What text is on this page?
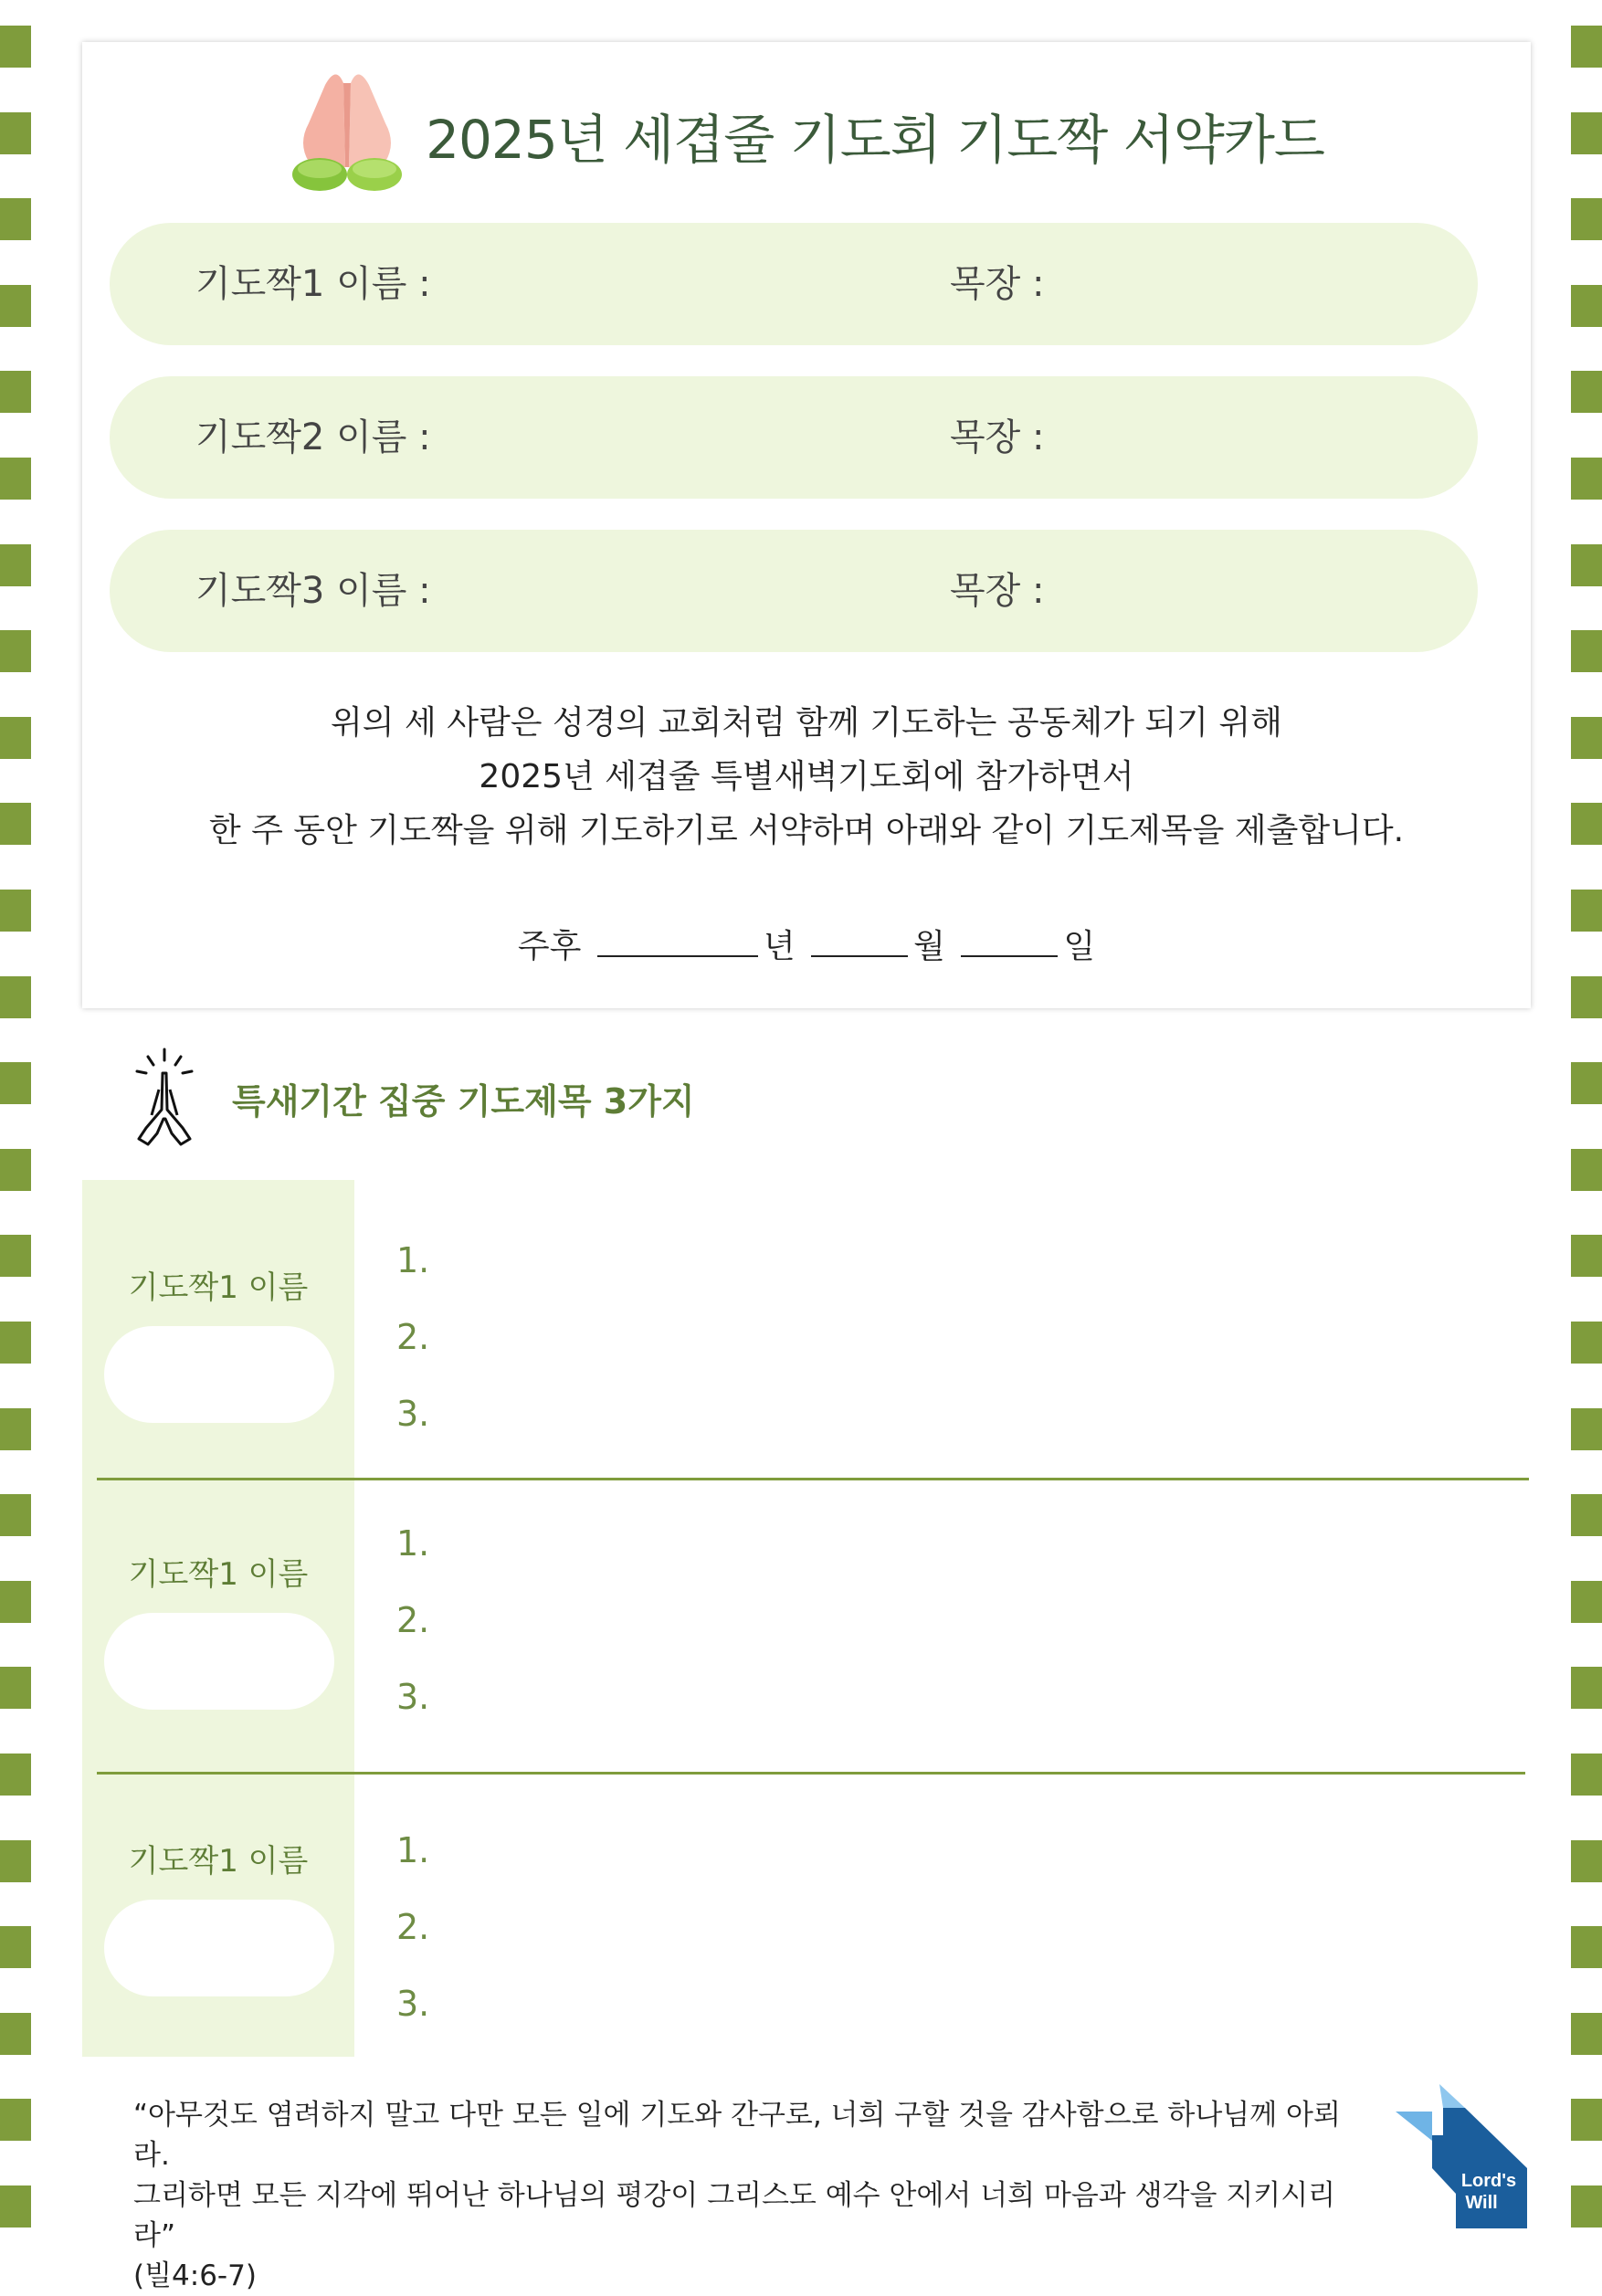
2025년 세겹줄 기도회 기도짝 서약카드
기도짝1 이름 :	목장 :
기도짝2 이름 :	목장 :
기도짝3 이름 :	목장 :
위의 세 사람은 성경의 교회처럼 함께 기도하는 공동체가 되기 위해
2025년 세겹줄 특별새벽기도회에 참가하면서
한 주 동안 기도짝을 위해 기도하기로 서약하며 아래와 같이 기도제목을 제출합니다.
주후	년	월	일
특새기간 집중 기도제목 3가지
기도짝1 이름
1.
2.
3.
기도짝1 이름
1.
2.
3.
기도짝1 이름	1.
2.
3.
“아무것도 염려하지 말고 다만 모든 일에 기도와 간구로, 너희 구할 것을 감사함으로 하나님께 아뢰라.
그리하면 모든 지각에 뛰어난 하나님의 평강이 그리스도 예수 안에서 너희 마음과 생각을 지키시리라”
(빌4:6-7)
Lord's
Will
